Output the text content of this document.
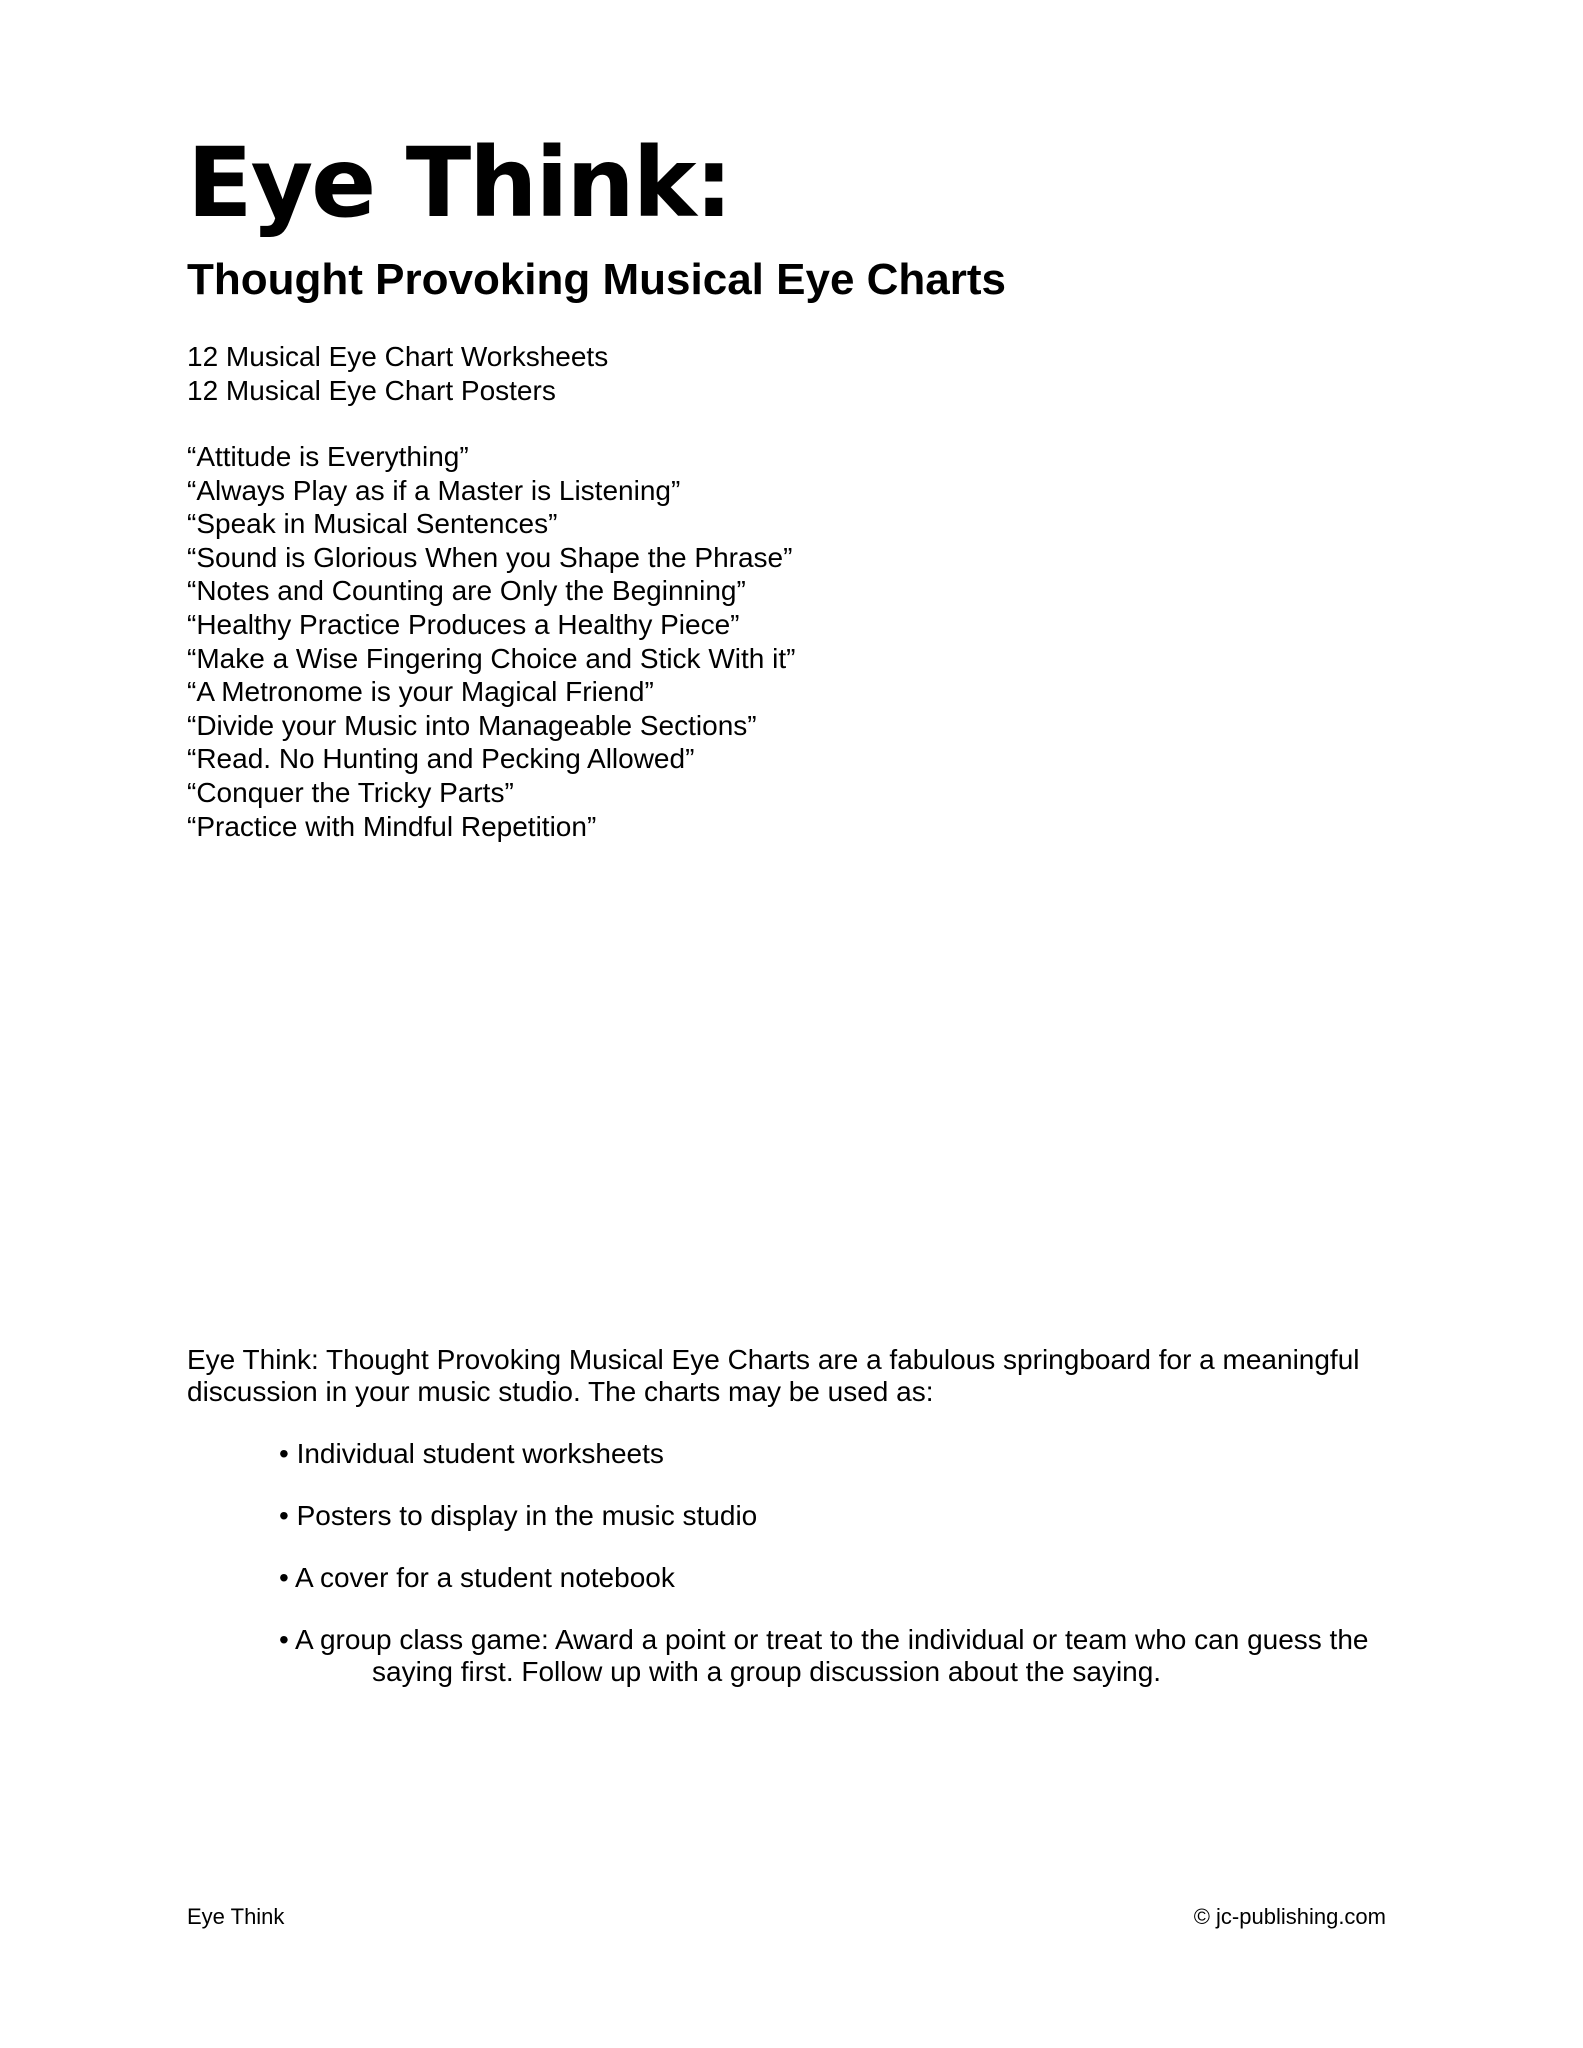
Eye Think:
Thought Provoking Musical Eye Charts
12 Musical Eye Chart Worksheets
12 Musical Eye Chart Posters
“Attitude is Everything”
“Always Play as if a Master is Listening”
“Speak in Musical Sentences”
“Sound is Glorious When you Shape the Phrase”
“Notes and Counting are Only the Beginning”
“Healthy Practice Produces a Healthy Piece”
“Make a Wise Fingering Choice and Stick With it”
“A Metronome is your Magical Friend”
“Divide your Music into Manageable Sections”
“Read. No Hunting and Pecking Allowed”
“Conquer the Tricky Parts”
“Practice with Mindful Repetition”

Eye Think: Thought Provoking Musical Eye Charts are a fabulous springboard for a meaningful discussion in your music studio. The charts may be used as:

• Individual student worksheets
• Posters to display in the music studio
• A cover for a student notebook
• A group class game: Award a point or treat to the individual or team who can guess the
saying first. Follow up with a group discussion about the saying.
Eye Think	© jc-publishing.com
